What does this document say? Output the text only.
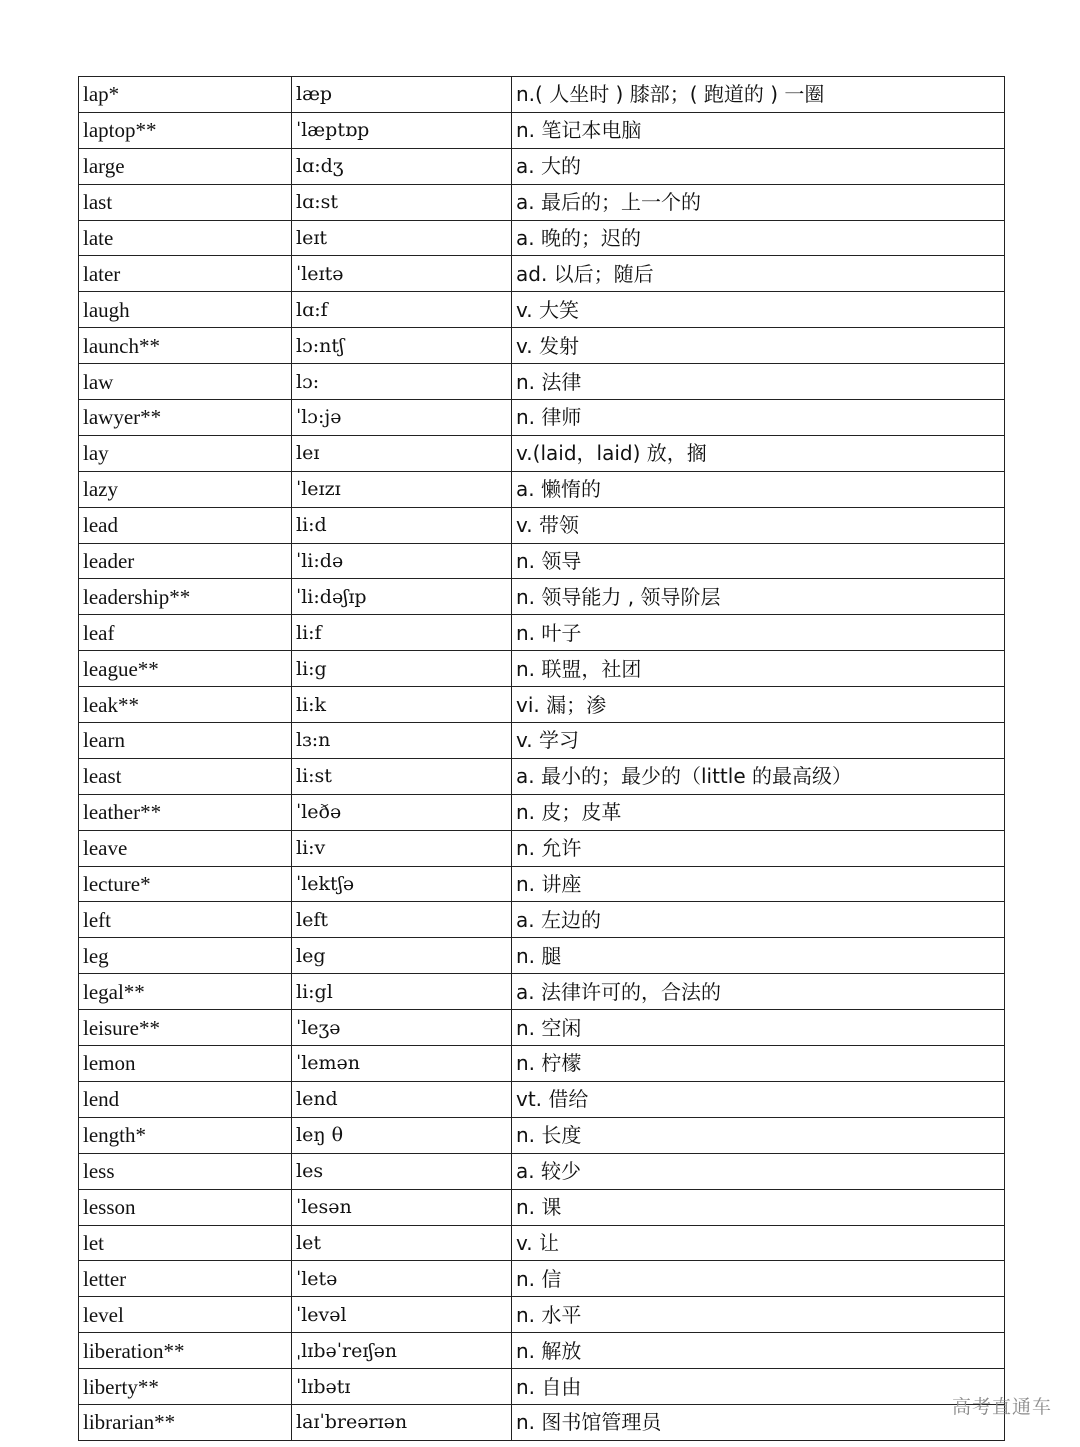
lap*	læp	n.( 人坐时 ) 膝部；( 跑道的 ) 一圈
laptop**	ˈlæptɒp	n. 笔记本电脑
large	lɑ:dʒ	a. 大的
last	lɑ:st	a. 最后的；上一个的
late	leɪt	a. 晚的；迟的
later	ˈleɪtə	ad. 以后；随后
laugh	lɑ:f	v. 大笑
launch**	lɔ:ntʃ	v. 发射
law	lɔ:	n. 法律
lawyer**	ˈlɔ:jə	n. 律师
lay	leɪ	v.(laid，laid) 放，搁
lazy	ˈleɪzɪ	a. 懒惰的
lead	li:d	v. 带领
leader	ˈli:də	n. 领导
leadership**	ˈli:dəʃɪp	n. 领导能力 , 领导阶层
leaf	li:f	n. 叶子
league**	li:g	n. 联盟，社团
leak**	li:k	vi. 漏；渗
learn	lɜ:n	v. 学习
least	li:st	a. 最小的；最少的（little 的最高级）
leather**	ˈleðə	n. 皮；皮革
leave	li:v	n. 允许
lecture*	ˈlektʃə	n. 讲座
left	left	a. 左边的
leg	leg	n. 腿
legal**	li:gl	a. 法律许可的，合法的
leisure**	ˈleʒə	n. 空闲
lemon	ˈlemən	n. 柠檬
lend	lend	vt. 借给
length*	leŋ θ	n. 长度
less	les	a. 较少
lesson	ˈlesən	n. 课
let	let	v. 让
letter	ˈletə	n. 信
level	ˈlevəl	n. 水平
liberation**	ˌlɪbəˈreɪʃən	n. 解放
liberty**	ˈlɪbətɪ	n. 自由
librarian**	laɪˈbreərɪən	n. 图书馆管理员
高考直通车
